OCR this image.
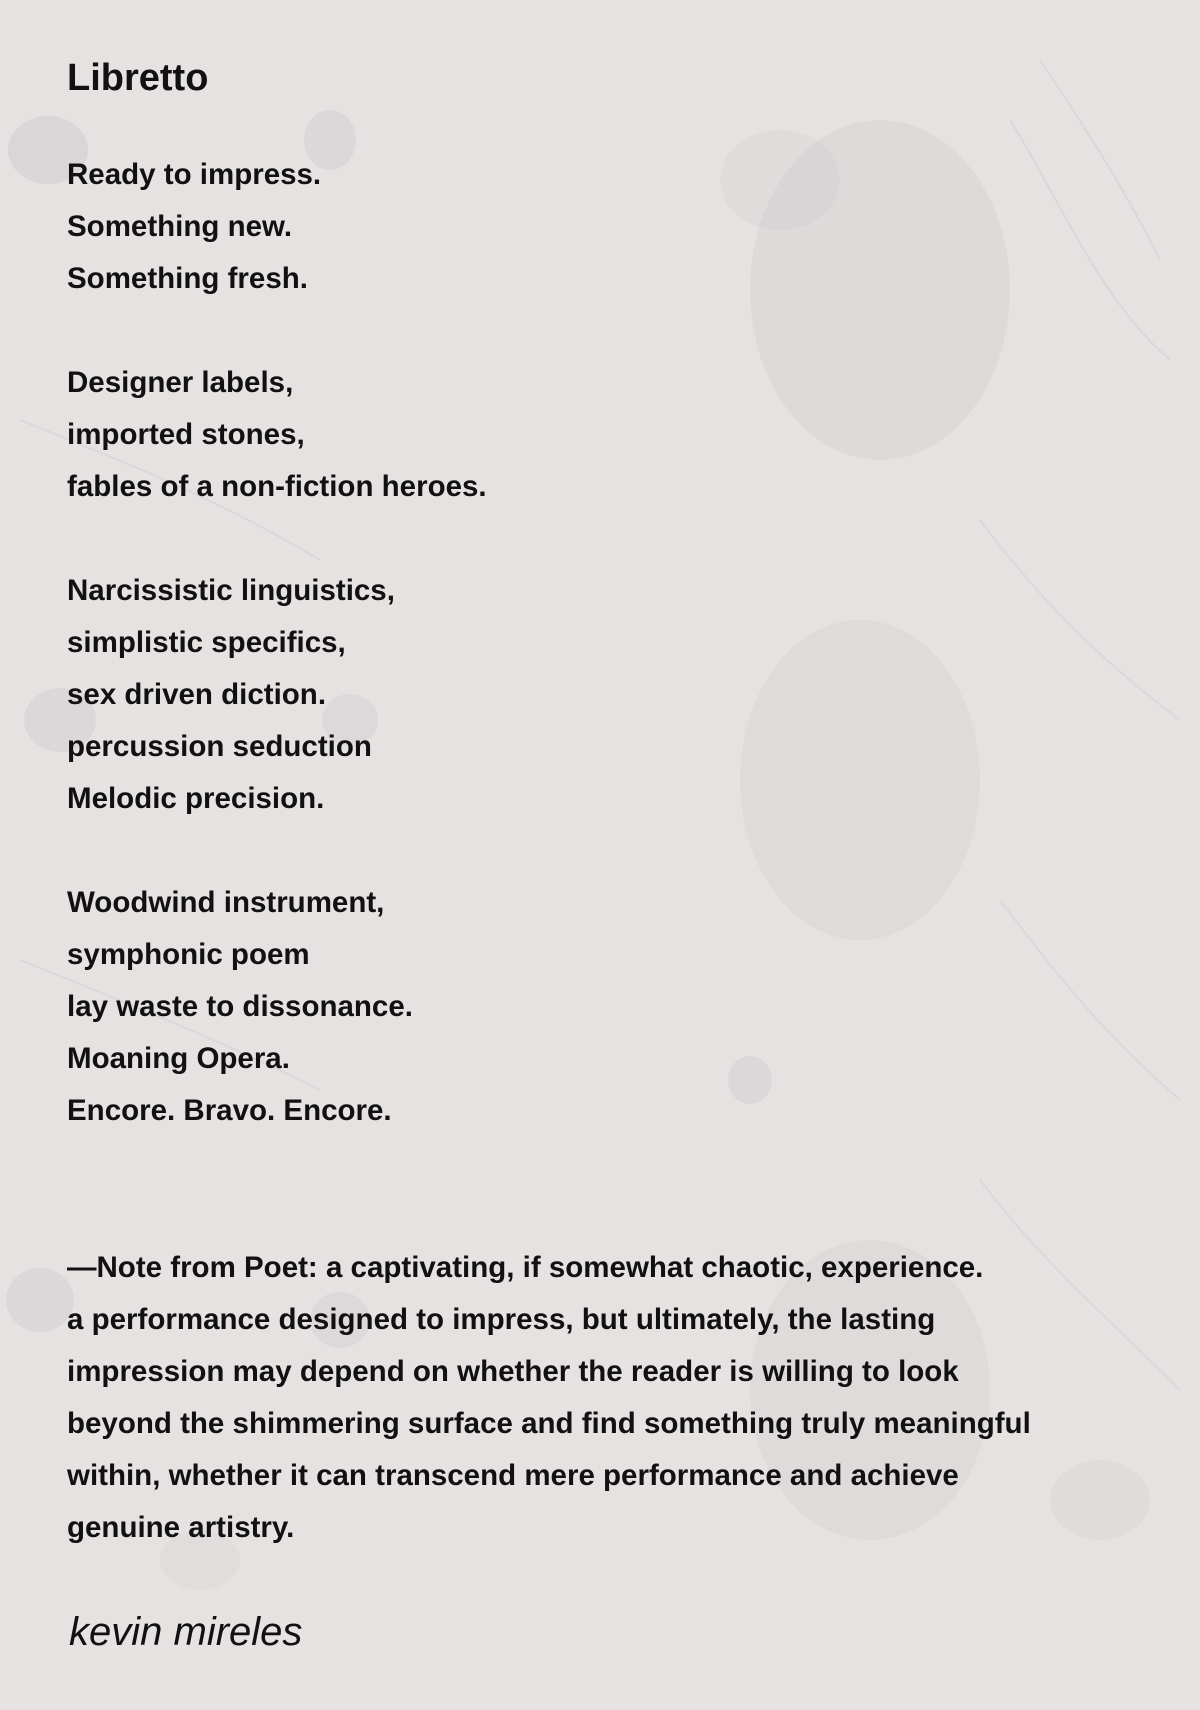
Libretto
Ready to impress.
Something new.
Something fresh.
Designer labels,
imported stones,
fables of a non-fiction heroes.
Narcissistic linguistics,
simplistic specifics,
sex driven diction.
percussion seduction
Melodic precision.
Woodwind instrument,
symphonic poem
lay waste to dissonance.
Moaning Opera.
Encore. Bravo. Encore.
—Note from Poet: a captivating, if somewhat chaotic, experience.
a performance designed to impress, but ultimately, the lasting
impression may depend on whether the reader is willing to look
beyond the shimmering surface and find something truly meaningful
within, whether it can transcend mere performance and achieve
genuine artistry.
kevin mireles
